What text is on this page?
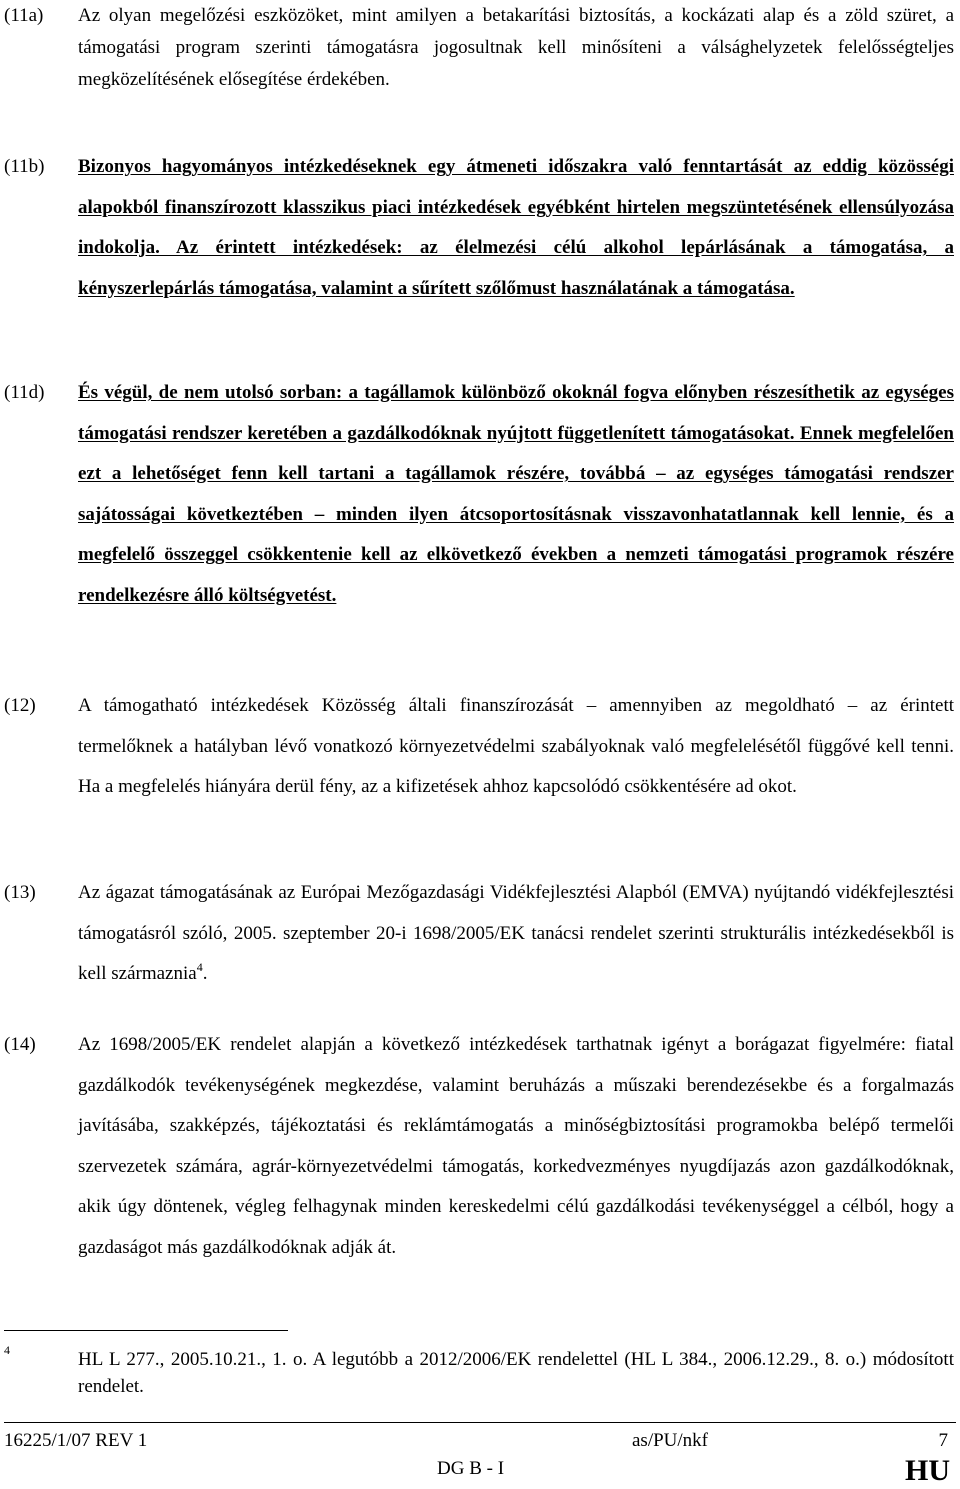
(11a)	Az olyan megelőzési eszközöket, mint amilyen a betakarítási biztosítás, a kockázati alap és a zöld szüret, a támogatási program szerinti támogatásra jogosultnak kell minősíteni a válsághelyzetek felelősségteljes megközelítésének elősegítése érdekében.
(11b)	Bizonyos hagyományos intézkedéseknek egy átmeneti időszakra való fenntartását az eddig közösségi alapokból finanszírozott klasszikus piaci intézkedések egyébként hirtelen megszüntetésének ellensúlyozása indokolja. Az érintett intézkedések: az élelmezési célú alkohol lepárlásának a támogatása, a kényszerlepárlás támogatása, valamint a sűrített szőlőmust használatának a támogatása.
(11d)	És végül, de nem utolsó sorban: a tagállamok különböző okoknál fogva előnyben részesíthetik az egységes támogatási rendszer keretében a gazdálkodóknak nyújtott függetlenített támogatásokat. Ennek megfelelően ezt a lehetőséget fenn kell tartani a tagállamok részére, továbbá – az egységes támogatási rendszer sajátosságai következtében – minden ilyen átcsoportosításnak visszavonhatatlannak kell lennie, és a megfelelő összeggel csökkentenie kell az elkövetkező években a nemzeti támogatási programok részére rendelkezésre álló költségvetést.
(12)	A támogatható intézkedések Közösség általi finanszírozását – amennyiben az megoldható – az érintett termelőknek a hatályban lévő vonatkozó környezetvédelmi szabályoknak való megfelelésétől függővé kell tenni. Ha a megfelelés hiányára derül fény, az a kifizetések ahhoz kapcsolódó csökkentésére ad okot.
(13)	Az ágazat támogatásának az Európai Mezőgazdasági Vidékfejlesztési Alapból (EMVA) nyújtandó vidékfejlesztési támogatásról szóló, 2005. szeptember 20-i 1698/2005/EK tanácsi rendelet szerinti strukturális intézkedésekből is kell származnia$^4$.
(14)	Az 1698/2005/EK rendelet alapján a következő intézkedések tarthatnak igényt a borágazat figyelmére: fiatal gazdálkodók tevékenységének megkezdése, valamint beruházás a műszaki berendezésekbe és a forgalmazás javításába, szakképzés, tájékoztatási és reklámtámogatás a minőségbiztosítási programokba belépő termelői szervezetek számára, agrár-környezetvédelmi támogatás, korkedvezményes nyugdíjazás azon gazdálkodóknak, akik úgy döntenek, végleg felhagynak minden kereskedelmi célú gazdálkodási tevékenységgel a célból, hogy a gazdaságot más gazdálkodóknak adják át.
4	HL L 277., 2005.10.21., 1. o. A legutóbb a 2012/2006/EK rendelettel (HL L 384., 2006.12.29., 8. o.) módosított rendelet.
16225/1/07 REV 1	as/PU/nkf	7
DG B - I	HU
